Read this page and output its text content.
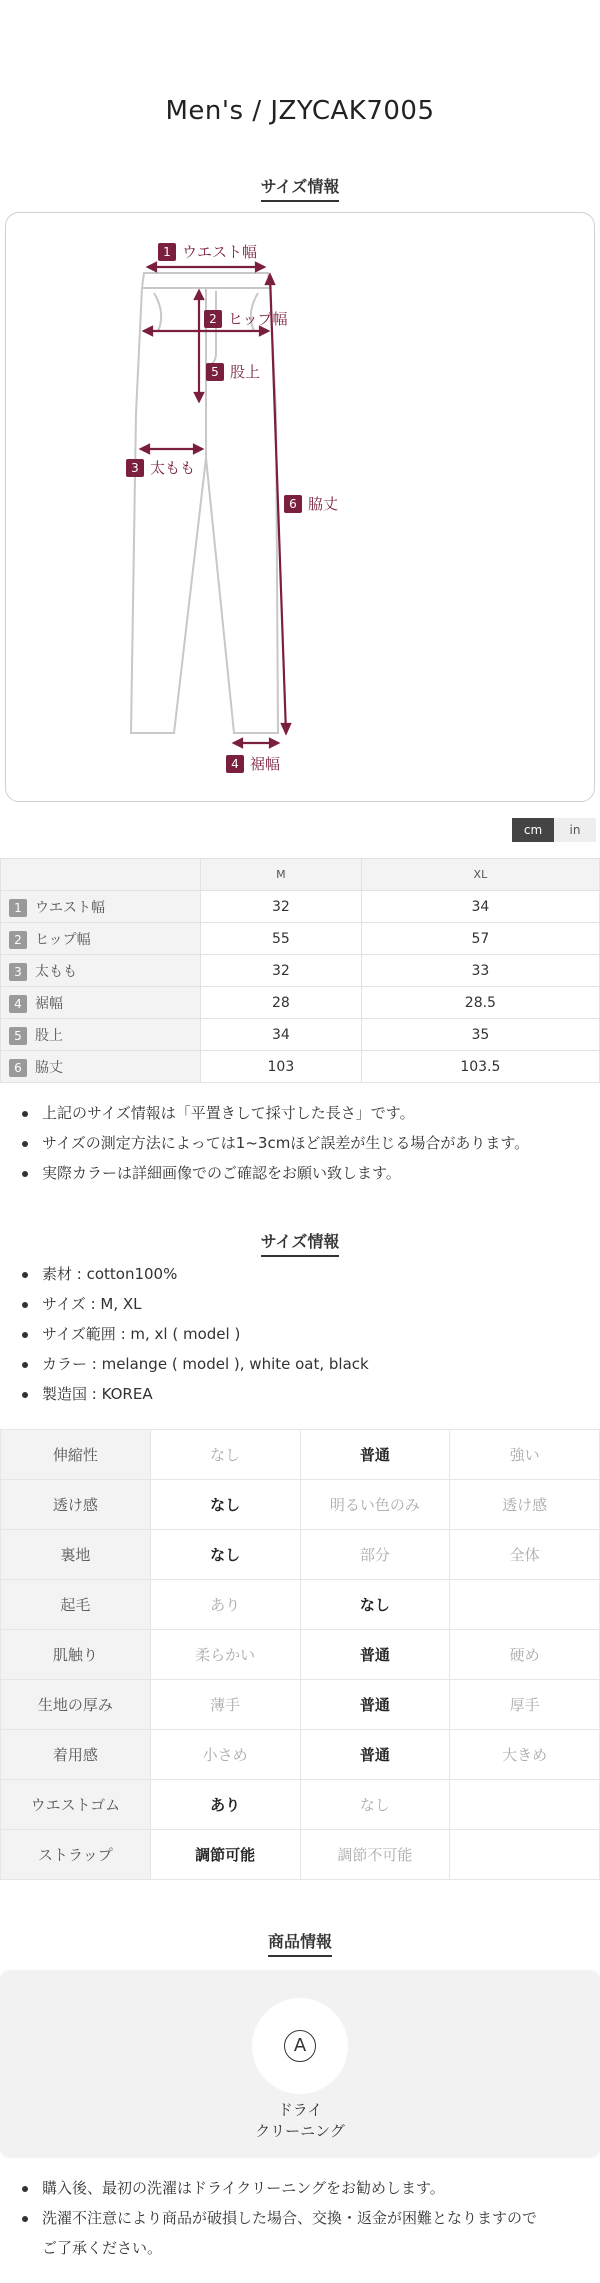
Men's / JZYCAK7005
サイズ情報
1 ウエスト幅
2 ヒップ幅
5 股上
3 太もも
6 脇丈
4 裾幅
cm	in
	M	XL
1 ウエスト幅	32	34
2 ヒップ幅	55	57
3 太もも	32	33
4 裾幅	28	28.5
5 股上	34	35
6 脇丈	103	103.5
上記のサイズ情報は「平置きして採寸した長さ」です。
サイズの測定方法によっては1~3cmほど誤差が生じる場合があります。
実際カラーは詳細画像でのご確認をお願い致します。
サイズ情報
素材 : cotton100%
サイズ : M, XL
サイズ範囲 : m, xl ( model )
カラー : melange ( model ), white oat, black
製造国 : KOREA
伸縮性	なし	普通	強い
透け感	なし	明るい色のみ	透け感
裏地	なし	部分	全体
起毛	あり	なし	
肌触り	柔らかい	普通	硬め
生地の厚み	薄手	普通	厚手
着用感	小さめ	普通	大きめ
ウエストゴム	あり	なし	
ストラップ	調節可能	調節不可能	
商品情報
A
ドライ
クリーニング
購入後、最初の洗濯はドライクリーニングをお勧めします。
洗濯不注意により商品が破損した場合、交換・返金が困難となりますので
ご了承ください。
